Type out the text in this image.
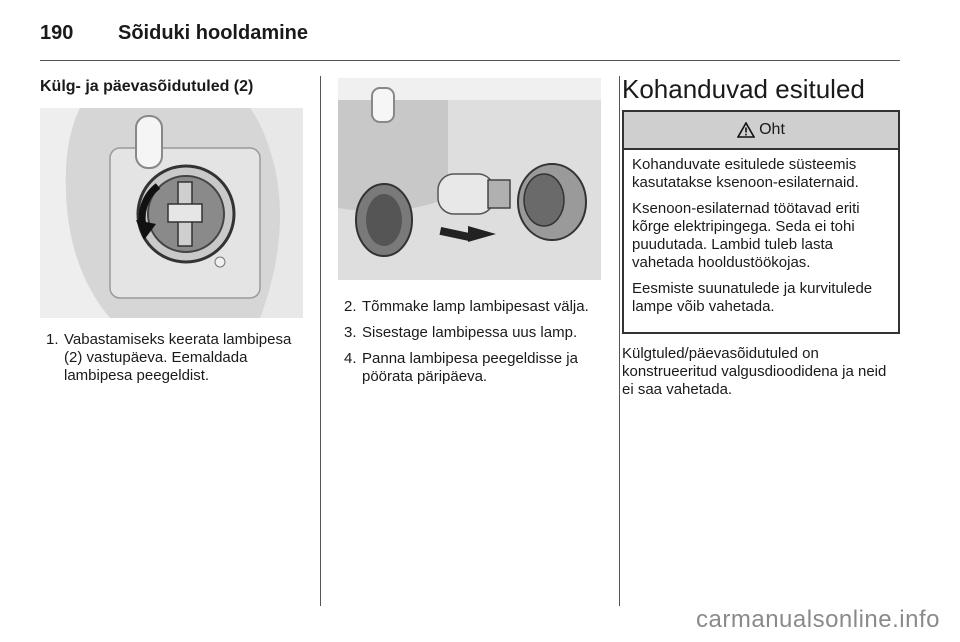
190 Sõiduki hooldamine
Külg- ja päevasõidutuled (2)
1. Vabastamiseks keerata lambipesa (2) vastupäeva. Eemaldada lambipesa peegeldist.
2. Tõmmake lamp lambipesast välja.
3. Sisestage lambipessa uus lamp.
4. Panna lambipesa peegeldisse ja pöörata päripäeva.
Kohanduvad esituled
Oht

Kohanduvate esitulede süsteemis kasutatakse ksenoon-esilaternaid.

Ksenoon-esilaternad töötavad eriti kõrge elektripingega. Seda ei tohi puudutada. Lambid tuleb lasta vahetada hooldustöökojas.

Eesmiste suunatulede ja kurvitulede lampe võib vahetada.

Külgtuled/päevasõidutuled on konstrueeritud valgusdioodidena ja neid ei saa vahetada.

carmanualsonline.info
